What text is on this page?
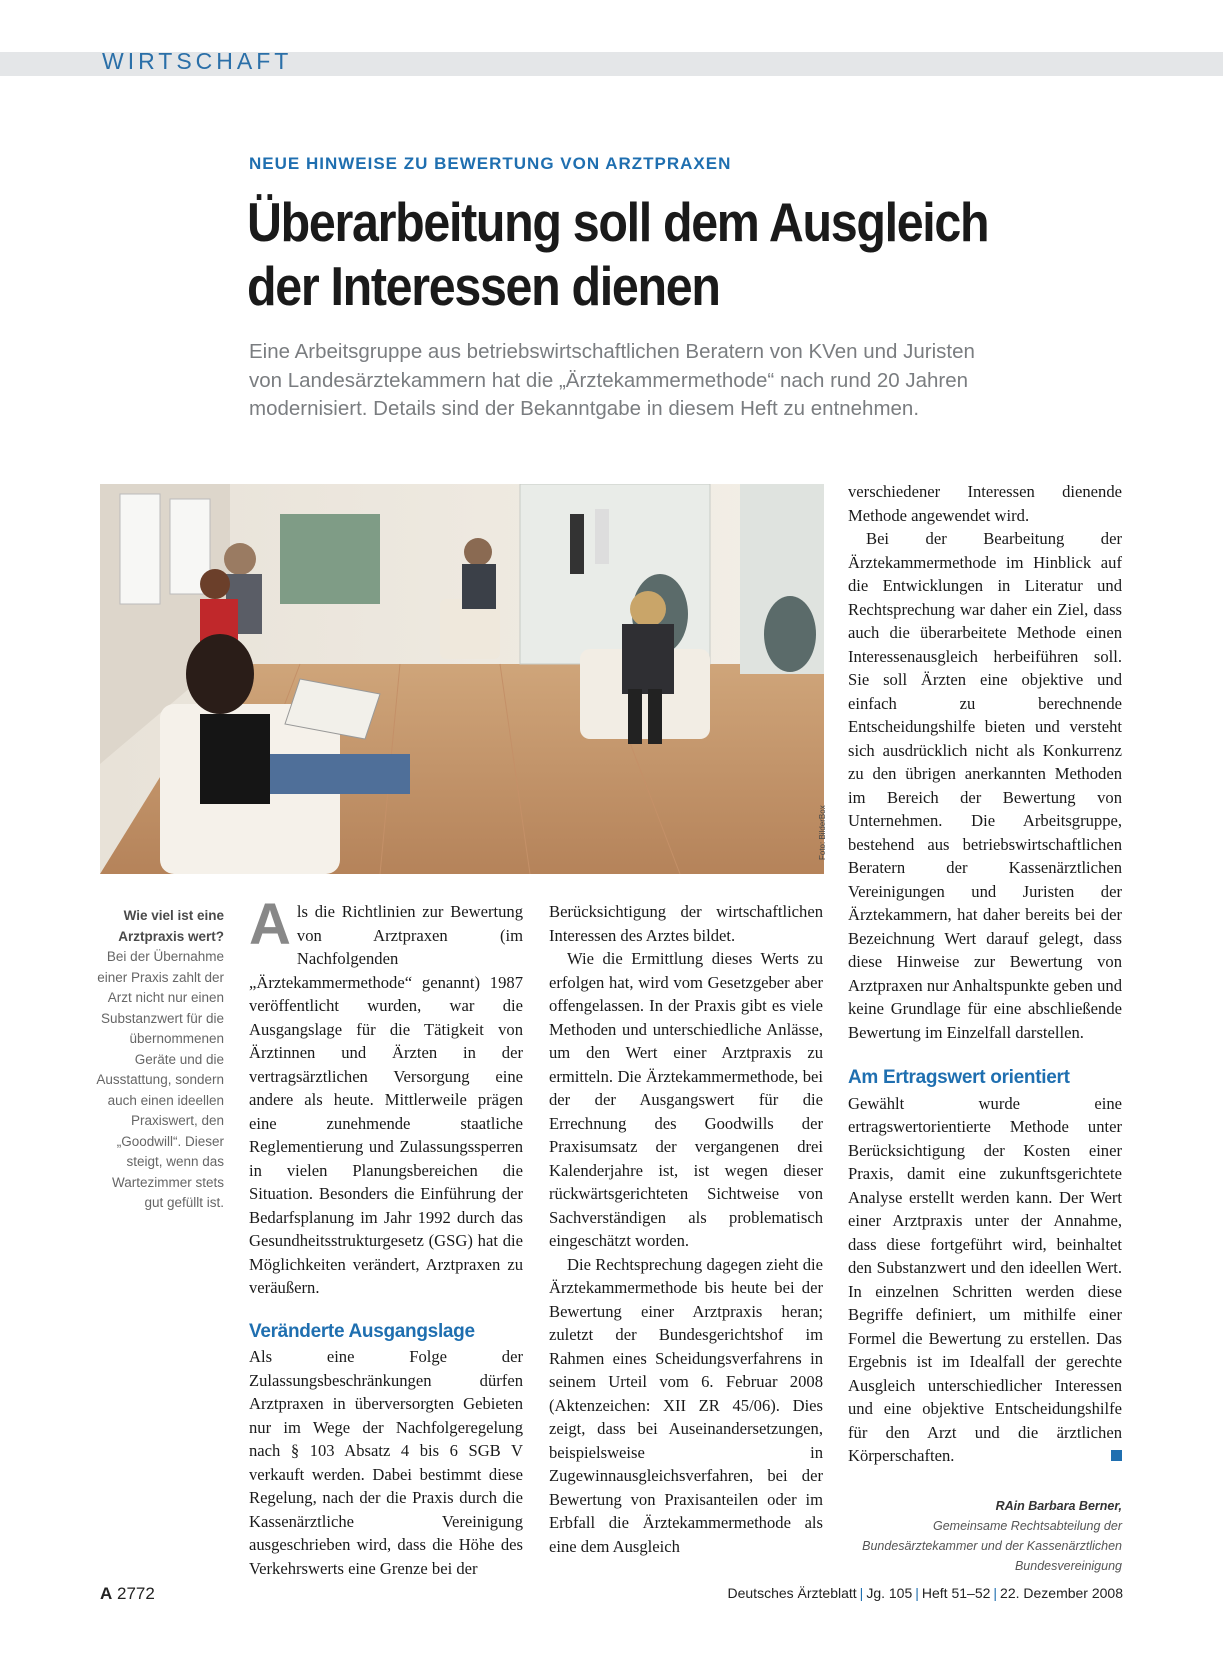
WIRTSCHAFT
NEUE HINWEISE ZU BEWERTUNG VON ARZTPRAXEN
Überarbeitung soll dem Ausgleich
der Interessen dienen
Eine Arbeitsgruppe aus betriebswirtschaftlichen Beratern von KVen und Juristen
von Landesärztekammern hat die „Ärztekammermethode“ nach rund 20 Jahren
modernisiert. Details sind der Bekanntgabe in diesem Heft zu entnehmen.
Foto: BilderBox
Wie viel ist eine Arztpraxis wert?
Bei der Übernahme einer Praxis zahlt der Arzt nicht nur einen Substanzwert für die übernommenen Geräte und die Ausstattung, sondern auch einen ideellen Praxiswert, den „Goodwill“. Dieser steigt, wenn das Wartezimmer stets gut gefüllt ist.

Als die Richtlinien zur Bewertung von Arztpraxen (im Nachfolgenden „Ärztekammermethode“ genannt) 1987 veröffentlicht wurden, war die Ausgangslage für die Tätigkeit von Ärztinnen und Ärzten in der vertragsärztlichen Versorgung eine andere als heute. Mittlerweile prägen eine zunehmende staatliche Reglementierung und Zulassungssperren in vielen Planungsbereichen die Situation. Besonders die Einführung der Bedarfsplanung im Jahr 1992 durch das Gesundheitsstrukturgesetz (GSG) hat die Möglichkeiten verändert, Arztpraxen zu veräußern.

Veränderte Ausgangslage

Als eine Folge der Zulassungsbeschränkungen dürfen Arztpraxen in überversorgten Gebieten nur im Wege der Nachfolgeregelung nach § 103 Absatz 4 bis 6 SGB V verkauft werden. Dabei bestimmt diese Regelung, nach der die Praxis durch die Kassenärztliche Vereinigung ausgeschrieben wird, dass die Höhe des Verkehrswerts eine Grenze bei der

Berücksichtigung der wirtschaftlichen Interessen des Arztes bildet.

Wie die Ermittlung dieses Werts zu erfolgen hat, wird vom Gesetzgeber aber offengelassen. In der Praxis gibt es viele Methoden und unterschiedliche Anlässe, um den Wert einer Arztpraxis zu ermitteln. Die Ärztekammermethode, bei der der Ausgangswert für die Errechnung des Goodwills der Praxisumsatz der vergangenen drei Kalenderjahre ist, ist wegen dieser rückwärtsgerichteten Sichtweise von Sachverständigen als problematisch eingeschätzt worden.

Die Rechtsprechung dagegen zieht die Ärztekammermethode bis heute bei der Bewertung einer Arztpraxis heran; zuletzt der Bundesgerichtshof im Rahmen eines Scheidungsverfahrens in seinem Urteil vom 6. Februar 2008 (Aktenzeichen: XII ZR 45/06). Dies zeigt, dass bei Auseinandersetzungen, beispielsweise in Zugewinnausgleichsverfahren, bei der Bewertung von Praxisanteilen oder im Erbfall die Ärztekammermethode als eine dem Ausgleich

verschiedener Interessen dienende Methode angewendet wird.

Bei der Bearbeitung der Ärztekammermethode im Hinblick auf die Entwicklungen in Literatur und Rechtsprechung war daher ein Ziel, dass auch die überarbeitete Methode einen Interessenausgleich herbeiführen soll. Sie soll Ärzten eine objektive und einfach zu berechnende Entscheidungshilfe bieten und versteht sich ausdrücklich nicht als Konkurrenz zu den übrigen anerkannten Methoden im Bereich der Bewertung von Unternehmen. Die Arbeitsgruppe, bestehend aus betriebswirtschaftlichen Beratern der Kassenärztlichen Vereinigungen und Juristen der Ärztekammern, hat daher bereits bei der Bezeichnung Wert darauf gelegt, dass diese Hinweise zur Bewertung von Arztpraxen nur Anhaltspunkte geben und keine Grundlage für eine abschließende Bewertung im Einzelfall darstellen.

Am Ertragswert orientiert

Gewählt wurde eine ertragswertorientierte Methode unter Berücksichtigung der Kosten einer Praxis, damit eine zukunftsgerichtete Analyse erstellt werden kann. Der Wert einer Arztpraxis unter der Annahme, dass diese fortgeführt wird, beinhaltet den Substanzwert und den ideellen Wert. In einzelnen Schritten werden diese Begriffe definiert, um mithilfe einer Formel die Bewertung zu erstellen. Das Ergebnis ist im Idealfall der gerechte Ausgleich unterschiedlicher Interessen und eine objektive Entscheidungshilfe für den Arzt und die ärztlichen Körperschaften.

RAin Barbara Berner,
Gemeinsame Rechtsabteilung der Bundesärztekammer und der Kassenärztlichen Bundesvereinigung
A 2772	Deutsches Ärzteblatt | Jg. 105 | Heft 51–52 | 22. Dezember 2008
